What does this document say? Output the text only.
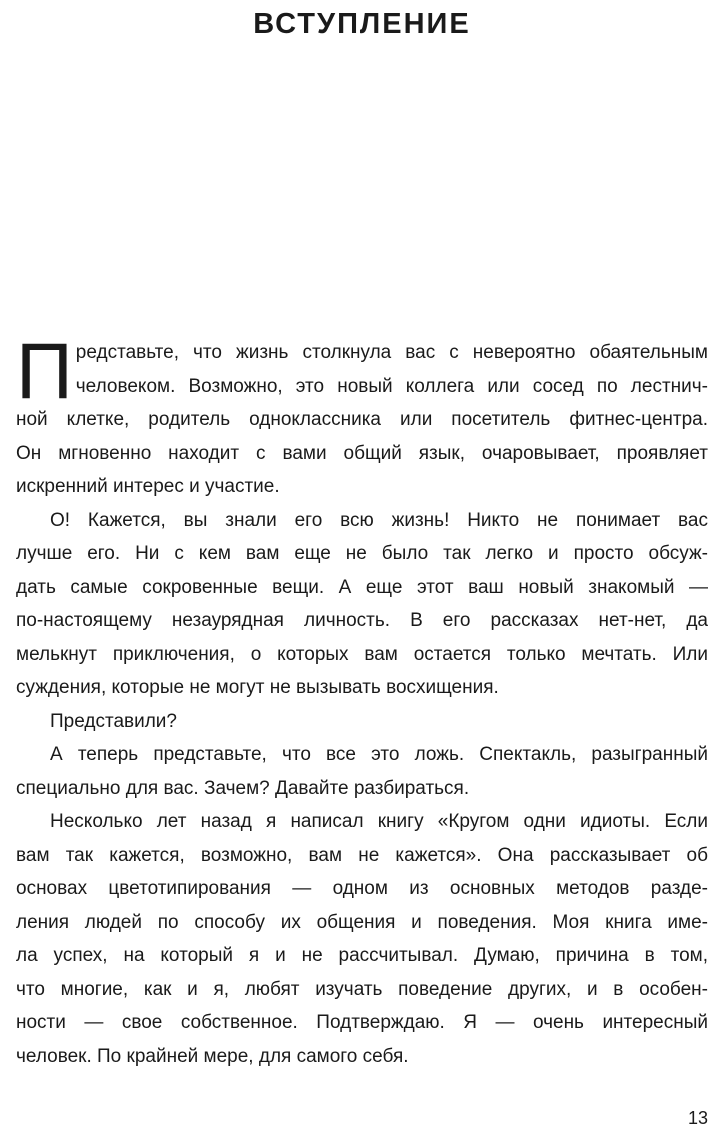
ВСТУПЛЕНИЕ
П редставьте, что жизнь столкнула вас с невероятно обаятельным
человеком. Возможно, это новый коллега или сосед по лестнич-
ной клетке, родитель одноклассника или посетитель фитнес-центра.
Он мгновенно находит с вами общий язык, очаровывает, проявляет
искренний интерес и участие.
О! Кажется, вы знали его всю жизнь! Никто не понимает вас
лучше его. Ни с кем вам еще не было так легко и просто обсуж-
дать самые сокровенные вещи. А еще этот ваш новый знакомый —
по-настоящему незаурядная личность. В его рассказах нет-нет, да
мелькнут приключения, о которых вам остается только мечтать. Или
суждения, которые не могут не вызывать восхищения.
Представили?
А теперь представьте, что все это ложь. Спектакль, разыгранный
специально для вас. Зачем? Давайте разбираться.
Несколько лет назад я написал книгу «Кругом одни идиоты. Если
вам так кажется, возможно, вам не кажется». Она рассказывает об
основах цветотипирования — одном из основных методов разде-
ления людей по способу их общения и поведения. Моя книга име-
ла успех, на который я и не рассчитывал. Думаю, причина в том,
что многие, как и я, любят изучать поведение других, и в особен-
ности — свое собственное. Подтверждаю. Я — очень интересный
человек. По крайней мере, для самого себя.
13
